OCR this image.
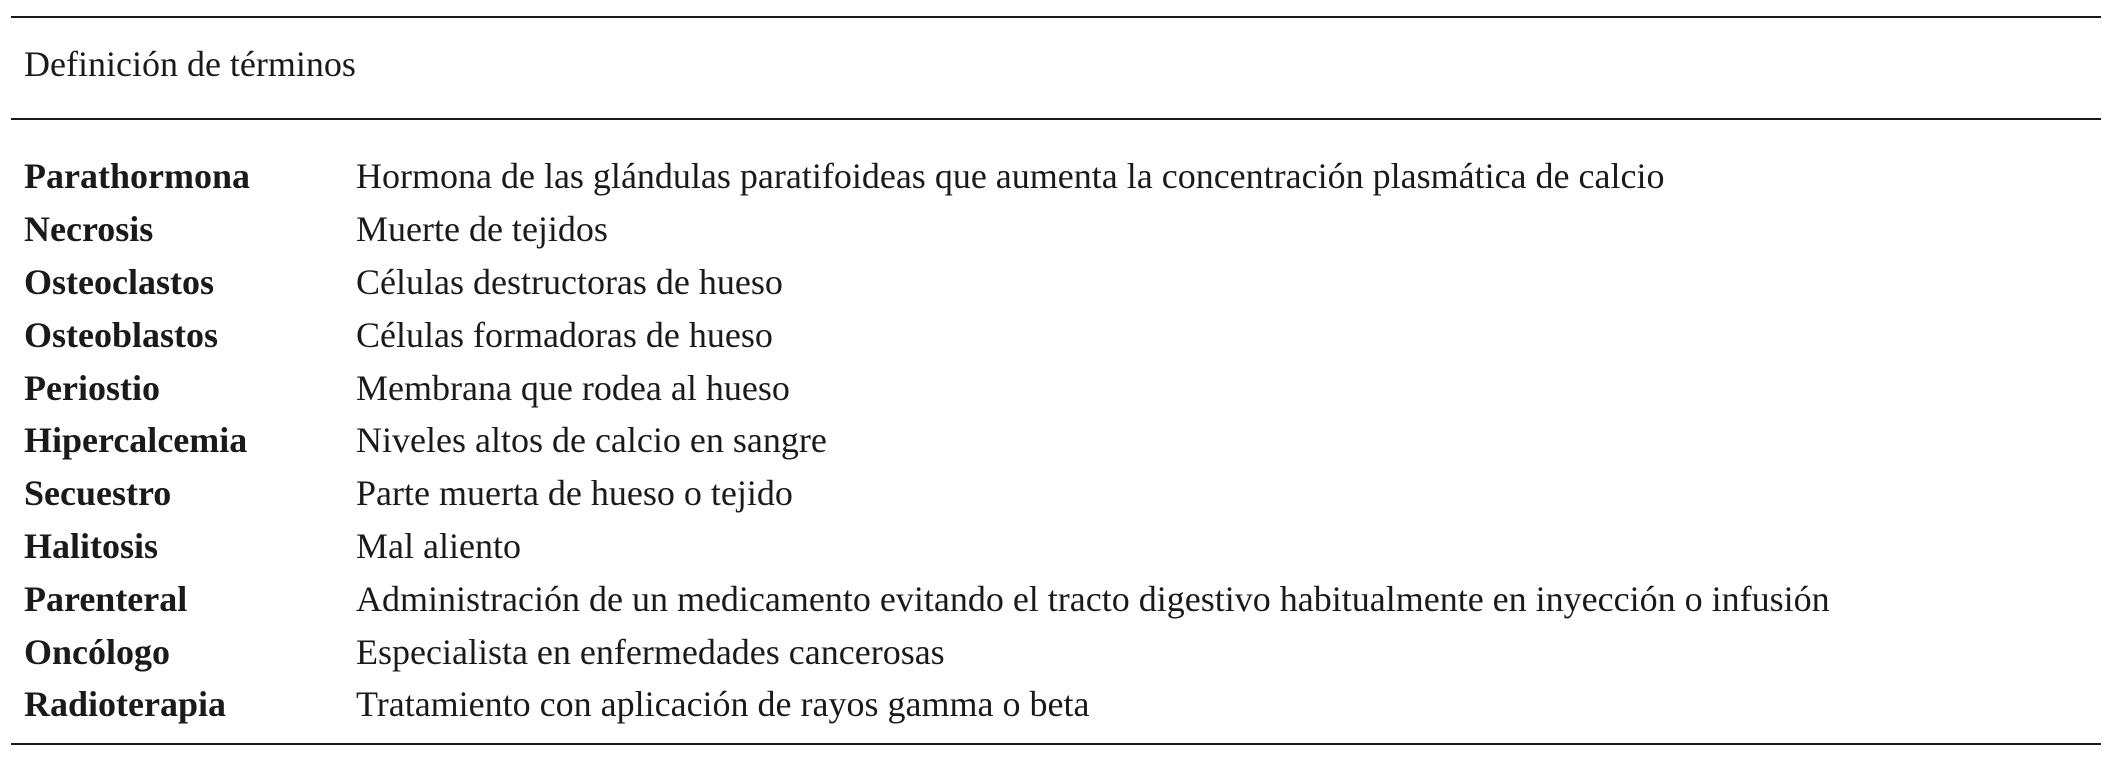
Definición de términos
Parathormona	Hormona de las glándulas paratifoideas que aumenta la concentración plasmática de calcio
Necrosis	Muerte de tejidos
Osteoclastos	Células destructoras de hueso
Osteoblastos	Células formadoras de hueso
Periostio	Membrana que rodea al hueso
Hipercalcemia	Niveles altos de calcio en sangre
Secuestro	Parte muerta de hueso o tejido
Halitosis	Mal aliento
Parenteral	Administración de un medicamento evitando el tracto digestivo habitualmente en inyección o infusión
Oncólogo	Especialista en enfermedades cancerosas
Radioterapia	Tratamiento con aplicación de rayos gamma o beta
